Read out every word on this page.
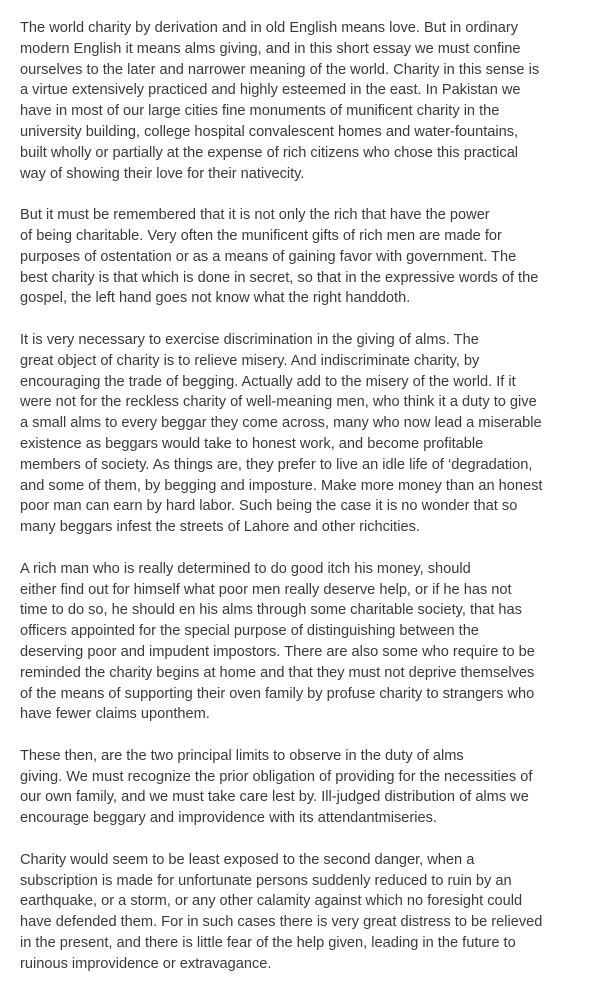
The world charity by derivation and in old English means love. But in ordinary
modern English it means alms giving, and in this short essay we must confine
ourselves to the later and narrower meaning of the world. Charity in this sense is
a virtue extensively practiced and highly esteemed in the east. In Pakistan we
have in most of our large cities fine monuments of munificent charity in the
university building, college hospital convalescent homes and water-fountains,
built wholly or partially at the expense of rich citizens who chose this practical
way of showing their love for their nativecity.

But it must be remembered that it is not only the rich that have the power
of being charitable. Very often the munificent gifts of rich men are made for
purposes of ostentation or as a means of gaining favor with government. The
best charity is that which is done in secret, so that in the expressive words of the
gospel, the left hand goes not know what the right handdoth.

It is very necessary to exercise discrimination in the giving of alms. The
great object of charity is to relieve misery. And indiscriminate charity, by
encouraging the trade of begging. Actually add to the misery of the world. If it
were not for the reckless charity of well-meaning men, who think it a duty to give
a small alms to every beggar they come across, many who now lead a miserable
existence as beggars would take to honest work, and become profitable
members of society. As things are, they prefer to live an idle life of ‘degradation,
and some of them, by begging and imposture. Make more money than an honest
poor man can earn by hard labor. Such being the case it is no wonder that so
many beggars infest the streets of Lahore and other richcities.

A rich man who is really determined to do good itch his money, should
either find out for himself what poor men really deserve help, or if he has not
time to do so, he should en his alms through some charitable society, that has
officers appointed for the special purpose of distinguishing between the
deserving poor and impudent impostors. There are also some who require to be
reminded the charity begins at home and that they must not deprive themselves
of the means of supporting their oven family by profuse charity to strangers who
have fewer claims uponthem.

These then, are the two principal limits to observe in the duty of alms
giving. We must recognize the prior obligation of providing for the necessities of
our own family, and we must take care lest by. Ill-judged distribution of alms we
encourage beggary and improvidence with its attendantmiseries.

Charity would seem to be least exposed to the second danger, when a
subscription is made for unfortunate persons suddenly reduced to ruin by an
earthquake, or a storm, or any other calamity against which no foresight could
have defended them. For in such cases there is very great distress to be relieved
in the present, and there is little fear of the help given, leading in the future to
ruinous improvidence or extravagance.
